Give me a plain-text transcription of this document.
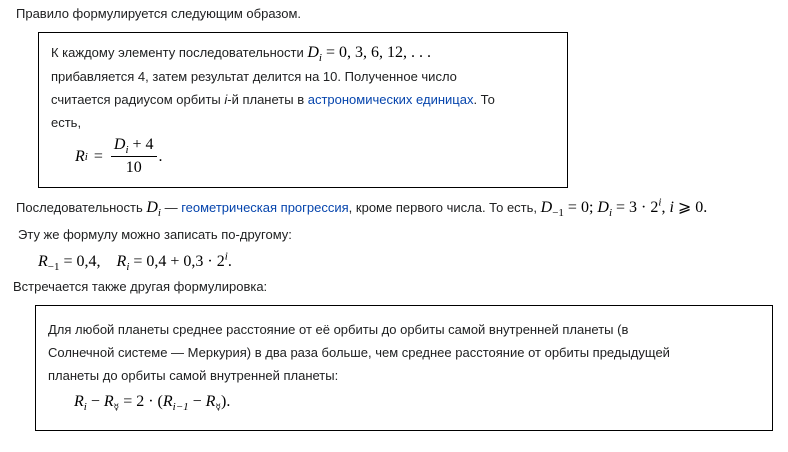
Правило формулируется следующим образом.
К каждому элементу последовательности $D_i = 0$, 3, 6, 12, . . .
прибавляется 4, затем результат делится на 10. Полученное число
считается радиусом орбиты i-й планеты в астрономических единицах. То
есть,
R $i = \frac{D_i + 4}{10}$ .
Последовательность $D_i$ — геометрическая прогрессия, кроме первого числа. То есть, $D_{-1} = 0$; $D_i = 3 \cdot 2^i$, i ⩾ 0.
Эту же формулу можно записать по-другому:
$R_{-1} = 0,4$, $R_i = 0,4 + 0,3 \cdot 2^i$.
Встречается также другая формулировка:
Для любой планеты среднее расстояние от её орбиты до орбиты самой внутренней планеты (в
Солнечной системе — Меркурия) в два раза больше, чем среднее расстояние от орбиты предыдущей
планеты до орбиты самой внутренней планеты:
$R_i - R_☿ = 2 \cdot (R_{i-1} - R_☿)$.
